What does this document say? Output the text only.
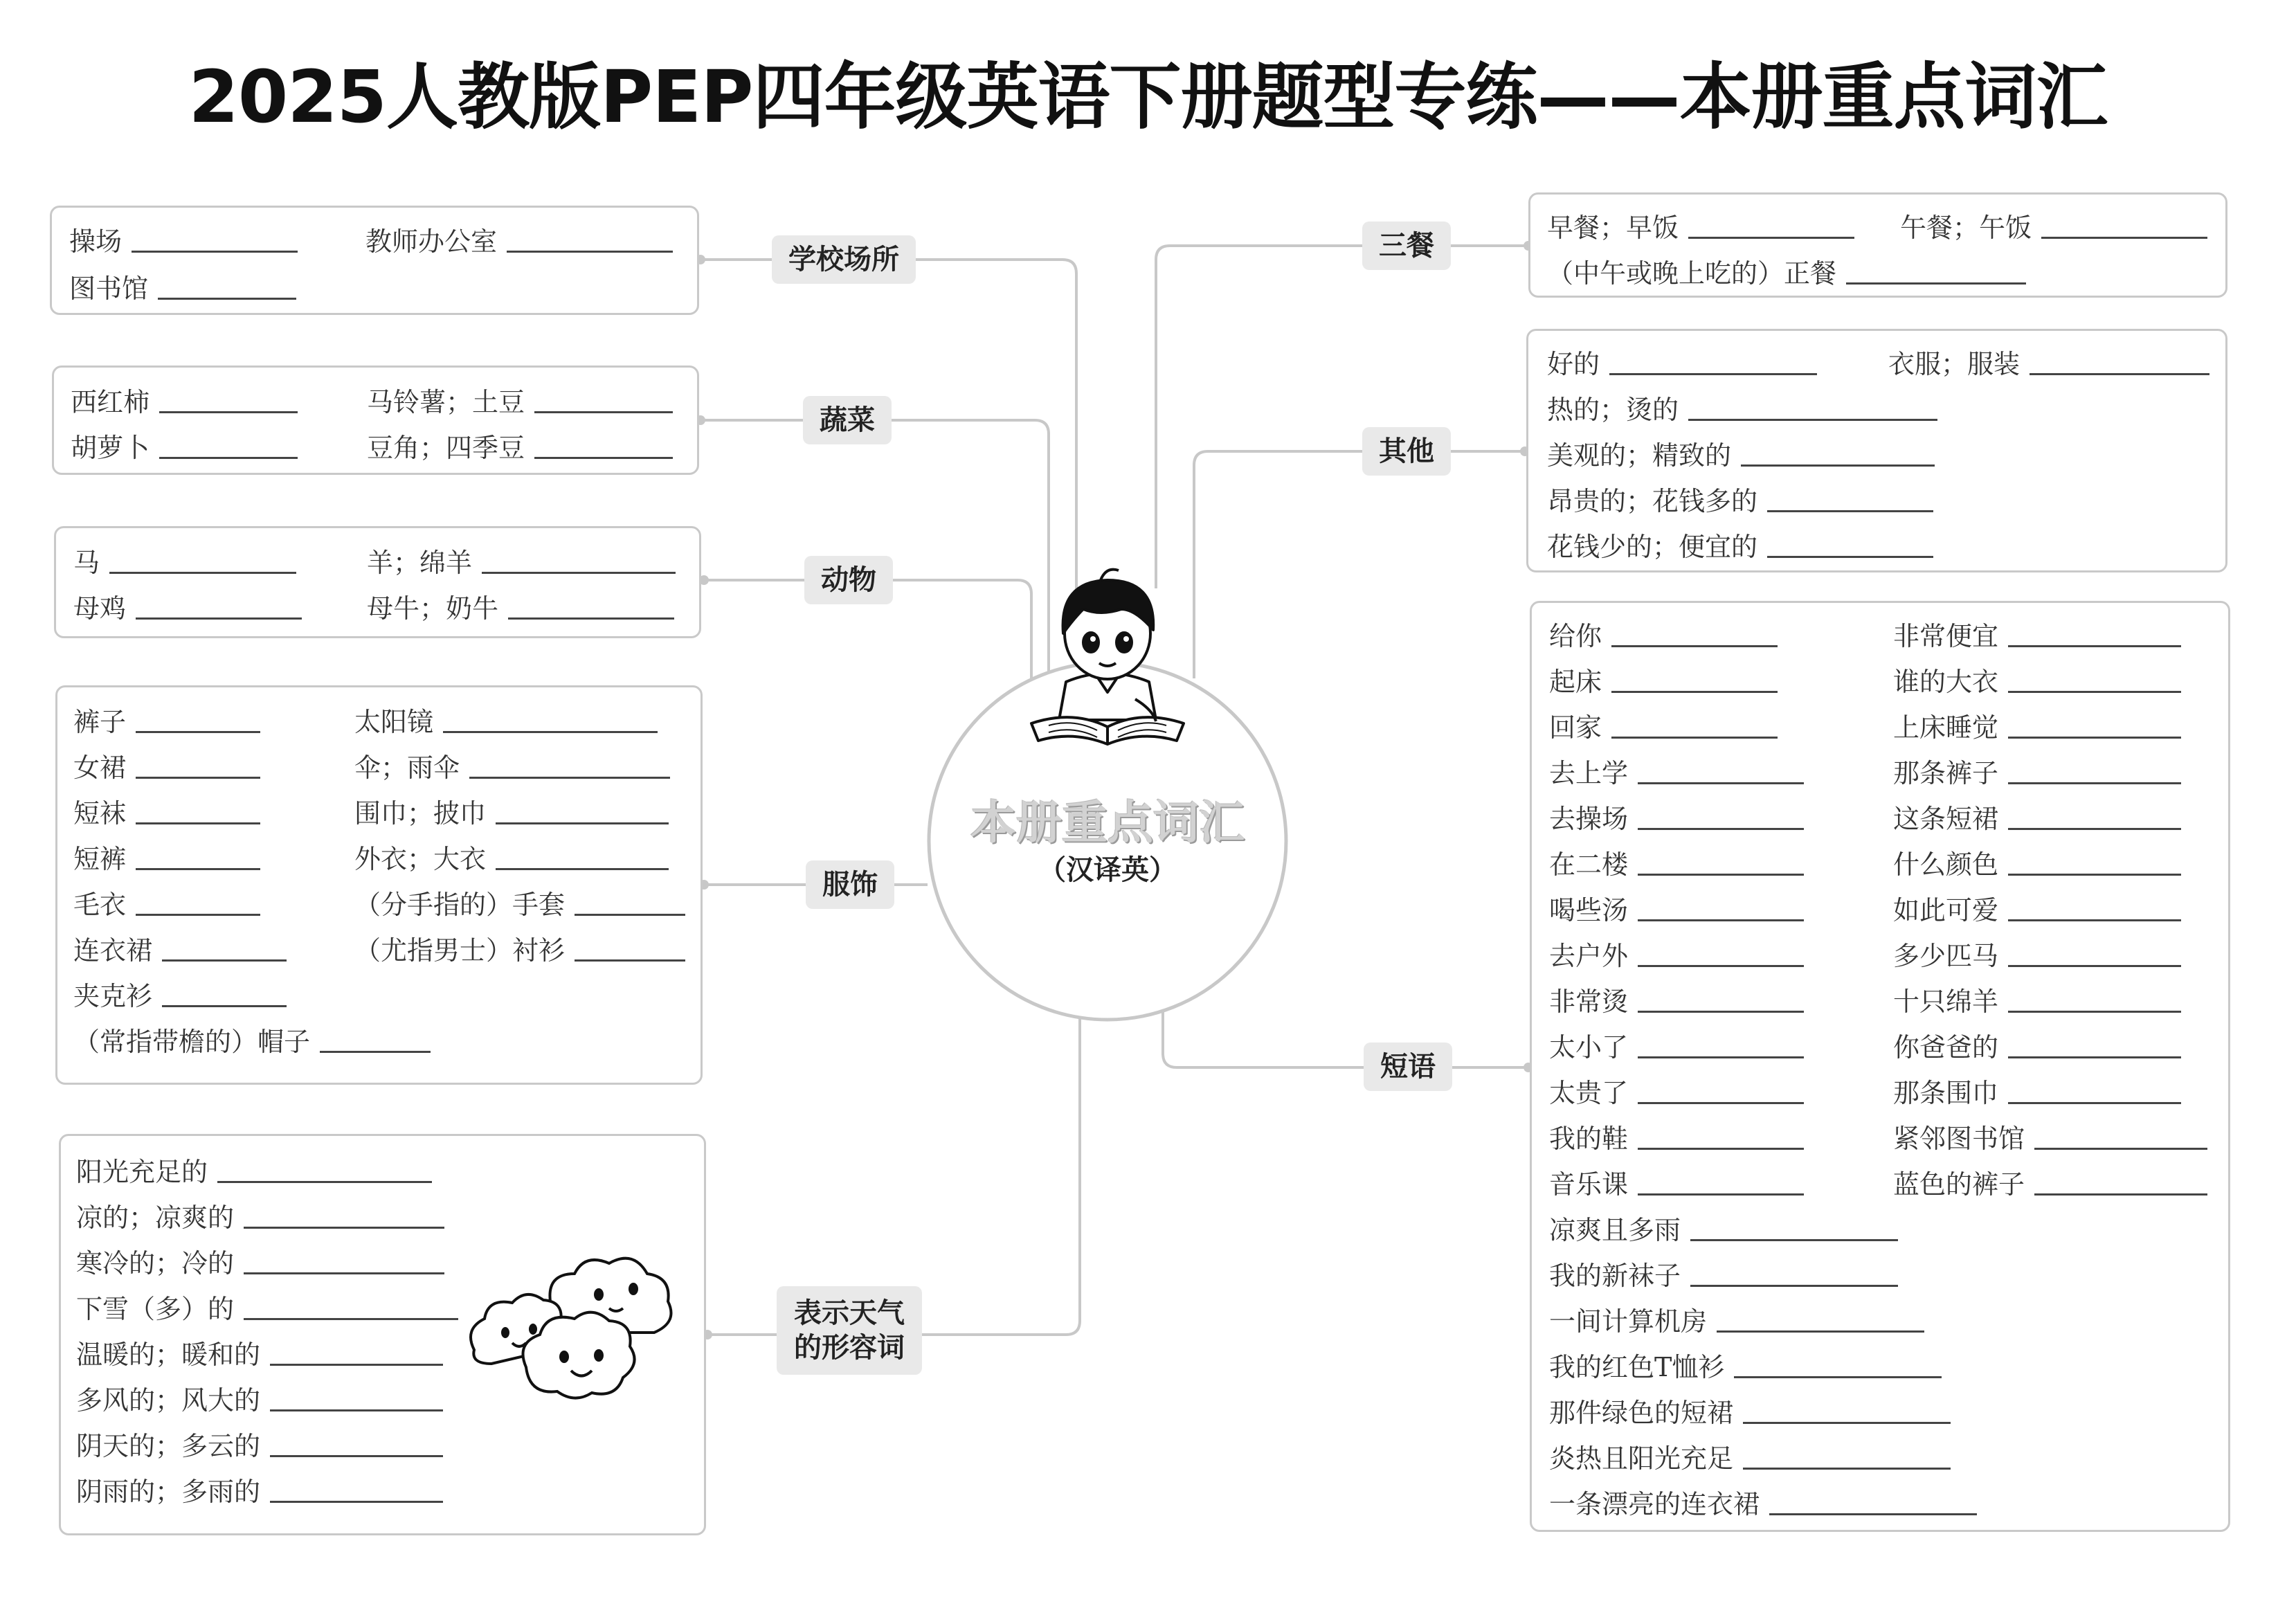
2025人教版PEP四年级英语下册题型专练——本册重点词汇
本册重点词汇
（汉译英）
操场	教师办公室
图书馆
学校场所
西红柿	马铃薯；土豆
胡萝卜	豆角；四季豆
蔬菜
马	羊；绵羊
母鸡	母牛；奶牛
动物
裤子	太阳镜
女裙	伞；雨伞
短袜	围巾；披巾
短裤	外衣；大衣
毛衣	（分手指的）手套
连衣裙	（尤指男士）衬衫
夹克衫
（常指带檐的）帽子
服饰
阳光充足的
凉的；凉爽的
寒冷的；冷的
下雪（多）的
温暖的；暖和的
多风的；风大的
阴天的；多云的
阴雨的；多雨的
表示天气
的形容词
早餐；早饭	午餐；午饭
（中午或晚上吃的）正餐
三餐
好的	衣服；服装
热的；烫的
美观的；精致的
昂贵的；花钱多的
花钱少的；便宜的
其他
短语
给你	非常便宜
起床	谁的大衣
回家	上床睡觉
去上学	那条裤子
去操场	这条短裙
在二楼	什么颜色
喝些汤	如此可爱
去户外	多少匹马
非常烫	十只绵羊
太小了	你爸爸的
太贵了	那条围巾
我的鞋	紧邻图书馆
音乐课	蓝色的裤子
凉爽且多雨
我的新袜子
一间计算机房
我的红色T恤衫
那件绿色的短裙
炎热且阳光充足
一条漂亮的连衣裙
